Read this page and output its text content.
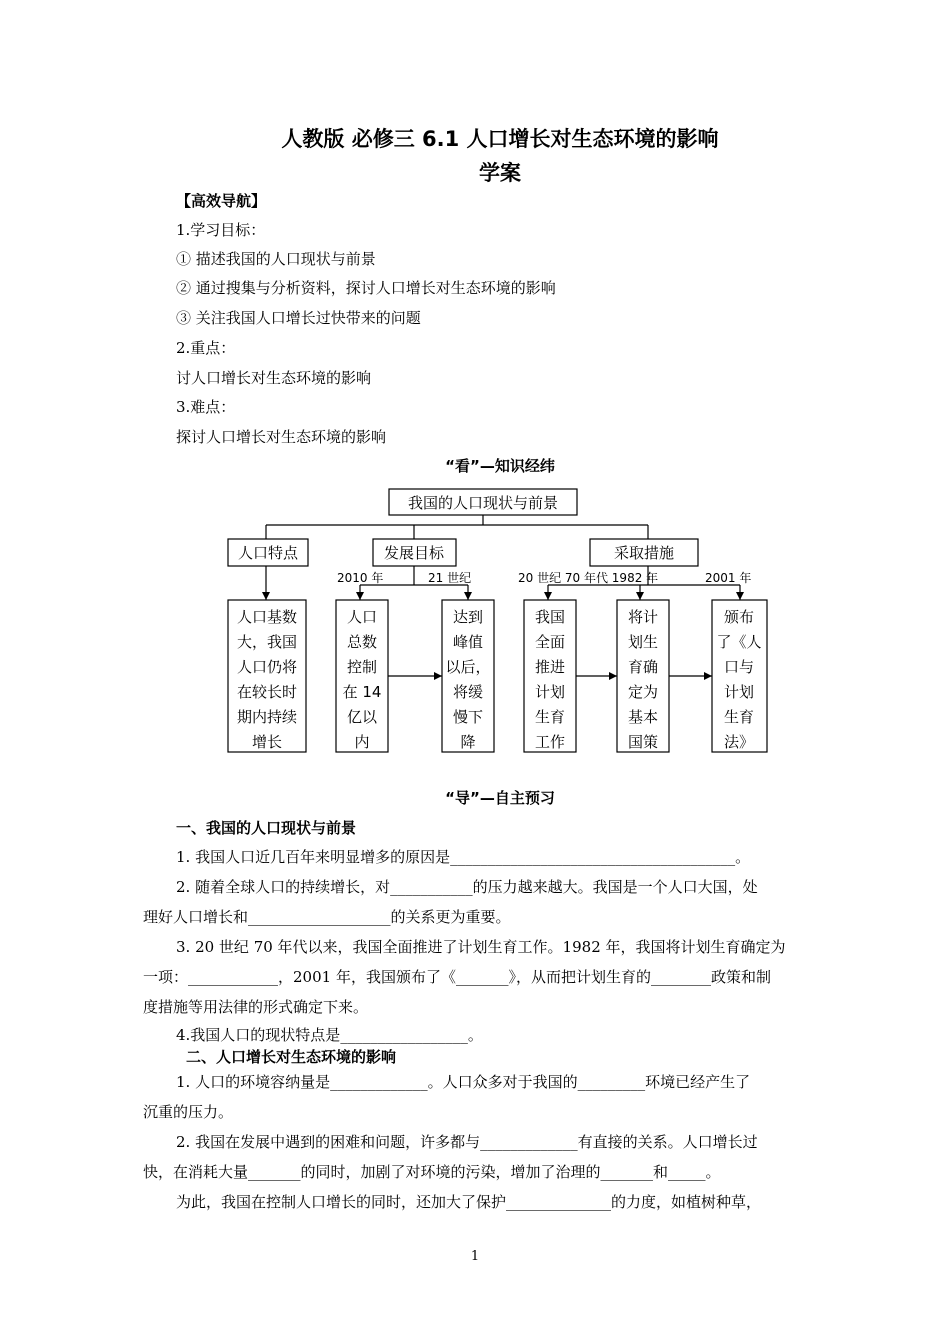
人教版 必修三 6.1 人口增长对生态环境的影响
学案
【高效导航】
1.学习目标：
① 描述我国的人口现状与前景
② 通过搜集与分析资料，探讨人口增长对生态环境的影响
③ 关注我国人口增长过快带来的问题
2.重点：
讨人口增长对生态环境的影响
3.难点：
探讨人口增长对生态环境的影响
“看”—知识经纬
我国的人口现状与前景
人口特点	发展目标	采取措施
2010 年	21 世纪	20 世纪 70 年代 1982 年	2001 年
人口基数
大，我国
人口仍将
在较长时
期内持续
增长
人口
总数
控制
在 14
亿以
内
达到
峰值
以后，
将缓
慢下
降
我国
全面
推进
计划
生育
工作
将计
划生
育确
定为
基本
国策
颁布
了《人
口与
计划
生育
法》
“导”—自主预习
一、我国的人口现状与前景
1. 我国人口近几百年来明显增多的原因是______________________________________。
2. 随着全球人口的持续增长，对___________的压力越来越大。我国是一个人口大国，处
理好人口增长和___________________的关系更为重要。
3. 20 世纪 70 年代以来，我国全面推进了计划生育工作。1982 年，我国将计划生育确定为
一项：____________，2001 年，我国颁布了《_______》，从而把计划生育的________政策和制
度措施等用法律的形式确定下来。
4.我国人口的现状特点是_________________。
二、人口增长对生态环境的影响
1. 人口的环境容纳量是_____________。人口众多对于我国的_________环境已经产生了
沉重的压力。
2. 我国在发展中遇到的困难和问题，许多都与_____________有直接的关系。人口增长过
快，在消耗大量_______的同时，加剧了对环境的污染，增加了治理的_______和_____。
为此，我国在控制人口增长的同时，还加大了保护______________的力度，如植树种草，
1
